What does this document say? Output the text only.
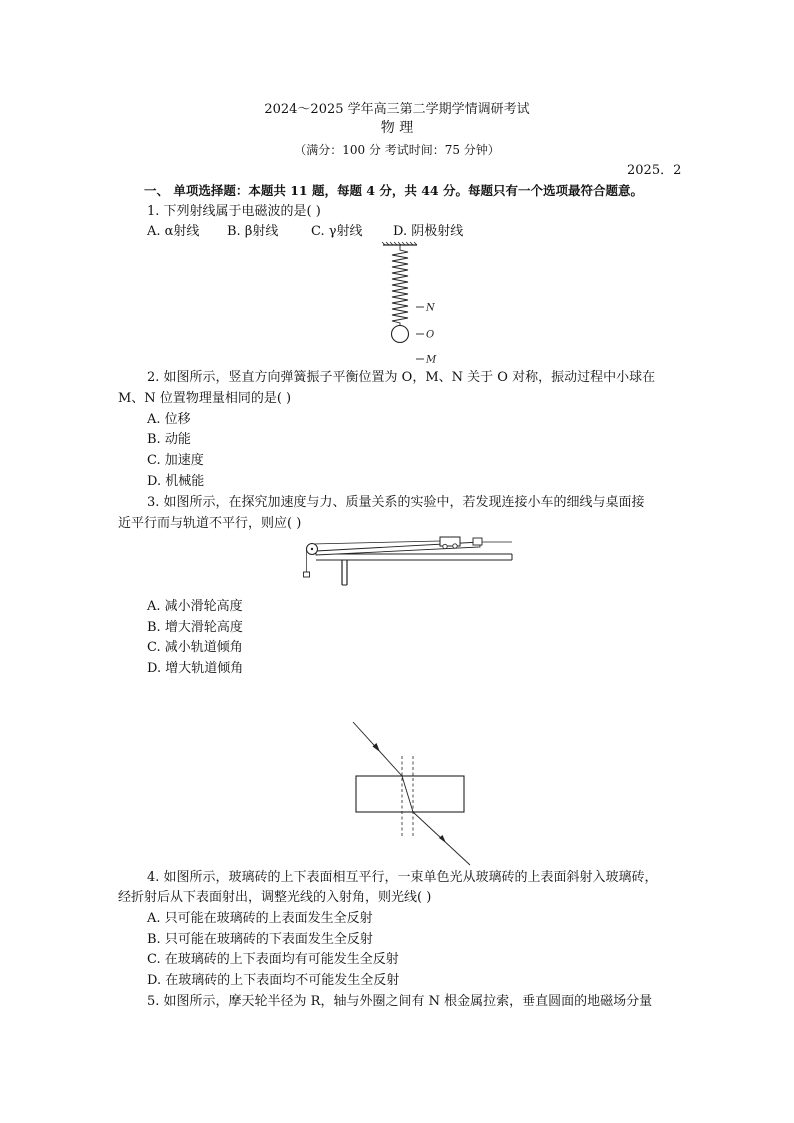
2024～2025 学年高三第二学期学情调研考试
物 理
（满分：100 分 考试时间：75 分钟）
2025．2
一、 单项选择题：本题共 11 题，每题 4 分，共 44 分。每题只有一个选项最符合题意。
1. 下列射线属于电磁波的是( )
A. α射线 B. β射线	C. γ射线 D. 阴极射线
N
O
M
2. 如图所示，竖直方向弹簧振子平衡位置为 O，M、N 关于 O 对称，振动过程中小球在
M、N 位置物理量相同的是( )
A. 位移
B. 动能
C. 加速度
D. 机械能
3. 如图所示，在探究加速度与力、质量关系的实验中，若发现连接小车的细线与桌面接
近平行而与轨道不平行，则应( )
A. 减小滑轮高度
B. 增大滑轮高度
C. 减小轨道倾角
D. 增大轨道倾角
4. 如图所示，玻璃砖的上下表面相互平行，一束单色光从玻璃砖的上表面斜射入玻璃砖，
经折射后从下表面射出，调整光线的入射角，则光线( )
A. 只可能在玻璃砖的上表面发生全反射
B. 只可能在玻璃砖的下表面发生全反射
C. 在玻璃砖的上下表面均有可能发生全反射
D. 在玻璃砖的上下表面均不可能发生全反射
5. 如图所示，摩天轮半径为 R，轴与外圈之间有 N 根金属拉索，垂直圆面的地磁场分量
